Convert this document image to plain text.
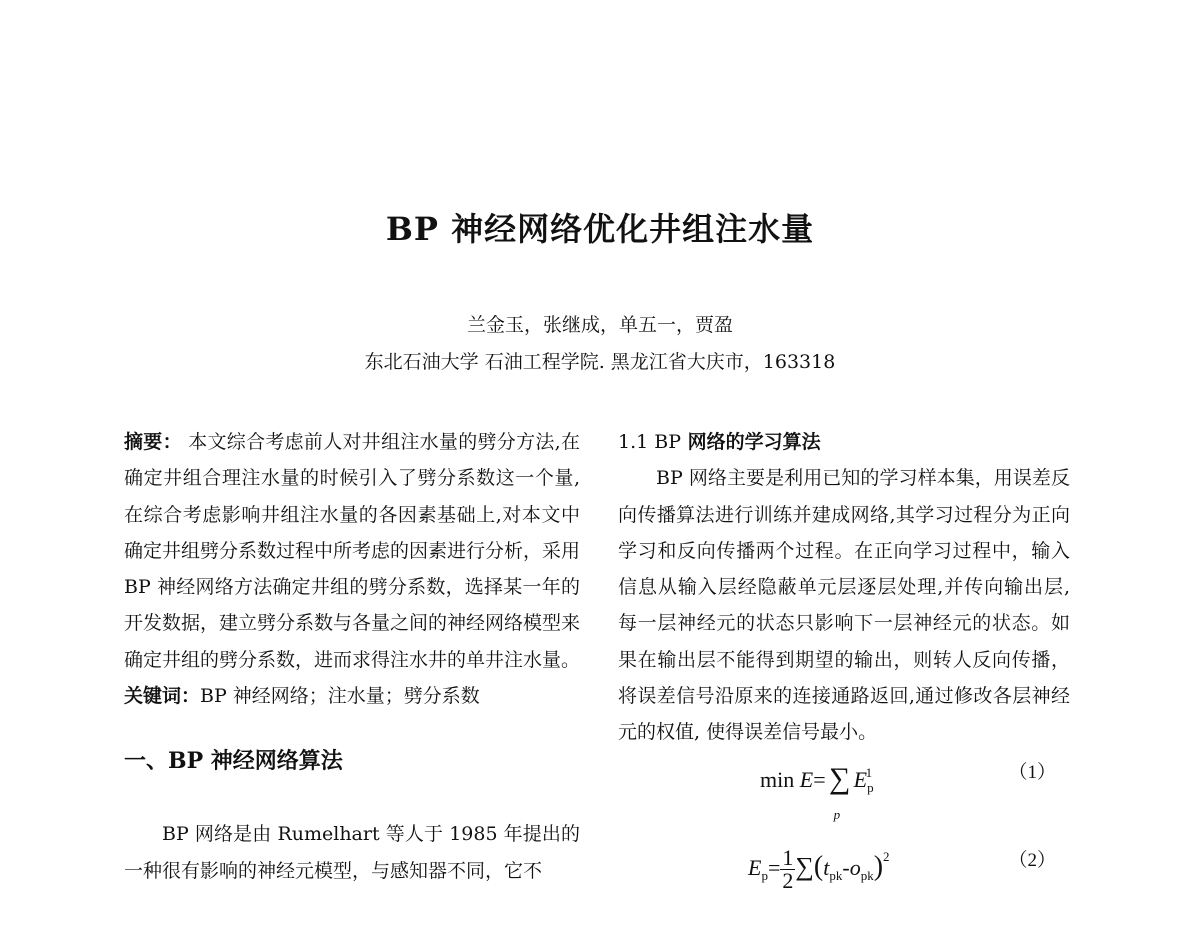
BP 神经网络优化井组注水量
兰金玉，张继成，单五一，贾盈
东北石油大学 石油工程学院. 黑龙江省大庆市，163318

摘要： 本文综合考虑前人对井组注水量的劈分方法,在确定井组合理注水量的时候引入了劈分系数这一个量,在综合考虑影响井组注水量的各因素基础上,对本文中确定井组劈分系数过程中所考虑的因素进行分析，采用 BP 神经网络方法确定井组的劈分系数，选择某一年的开发数据，建立劈分系数与各量之间的神经网络模型来确定井组的劈分系数，进而求得注水井的单井注水量。

关键词：BP 神经网络；注水量；劈分系数

一、BP 神经网络算法

BP 网络是由 Rumelhart 等人于 1985 年提出的一种很有影响的神经元模型，与感知器不同，它不

1.1 BP 网络的学习算法

BP 网络主要是利用已知的学习样本集，用误差反向传播算法进行训练并建成网络,其学习过程分为正向学习和反向传播两个过程。在正向学习过程中，输入信息从输入层经隐蔽单元层逐层处理,并传向输出层, 每一层神经元的状态只影响下一层神经元的状态。如果在输出层不能得到期望的输出，则转人反向传播，将误差信号沿原来的连接通路返回,通过修改各层神经元的权值, 使得误差信号最小。

min E= ∑
p
$E_p^1$	（1）
$E_p= \frac{1}{2} \sum(t_{pk}-o_{pk})^2$	（2）
